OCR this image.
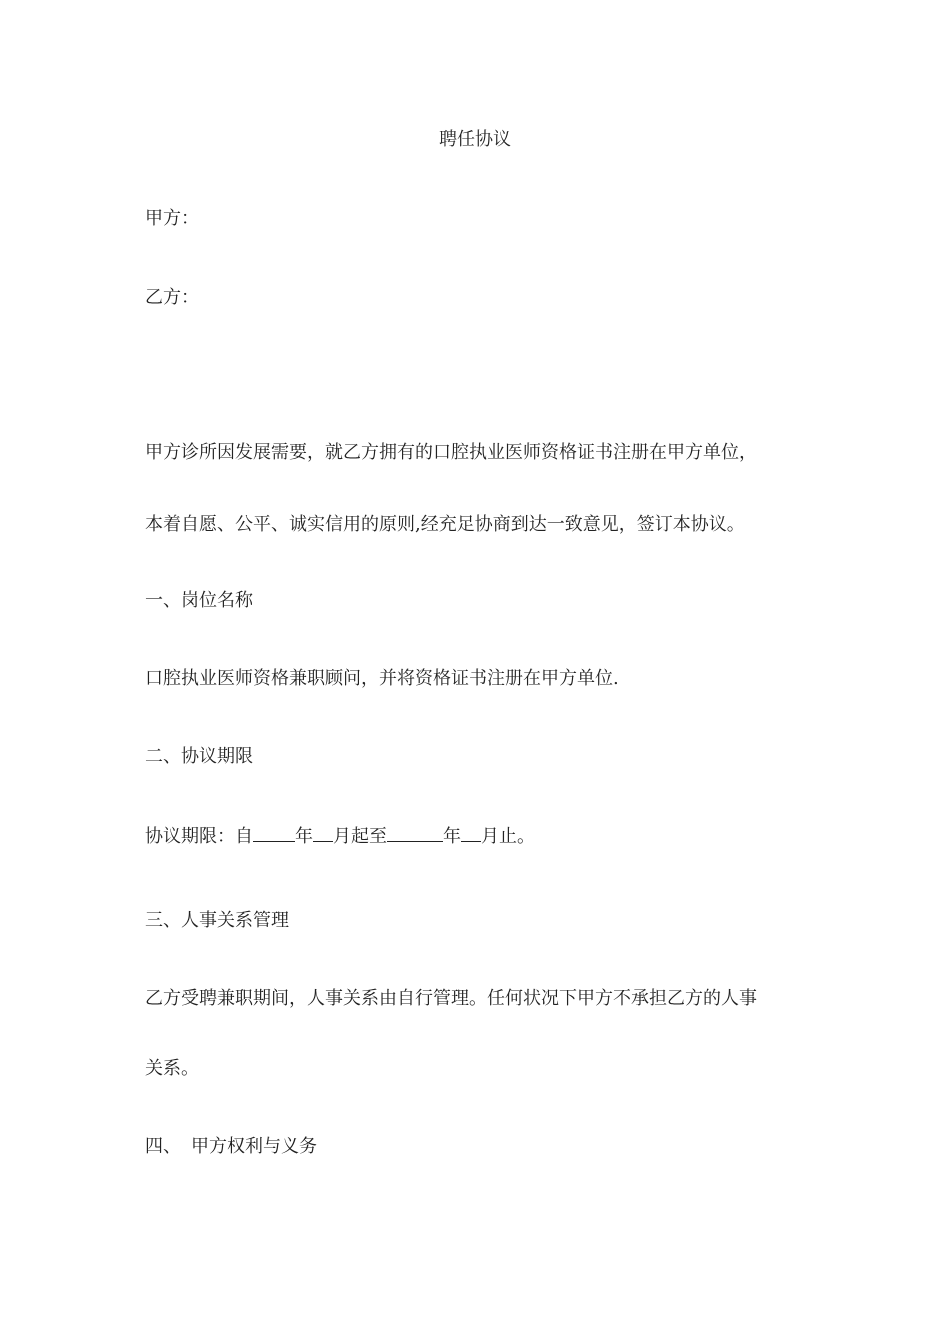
聘任协议
甲方：
乙方：
甲方诊所因发展需要，就乙方拥有的口腔执业医师资格证书注册在甲方单位，
本着自愿、公平、诚实信用的原则,经充足协商到达一致意见，签订本协议。
一、岗位名称
口腔执业医师资格兼职顾问，并将资格证书注册在甲方单位.
二、协议期限
协议期限：自 年 月起至	年 月止。
三、人事关系管理
乙方受聘兼职期间，人事关系由自行管理。任何状况下甲方不承担乙方的人事
关系。
四、 甲方权利与义务
